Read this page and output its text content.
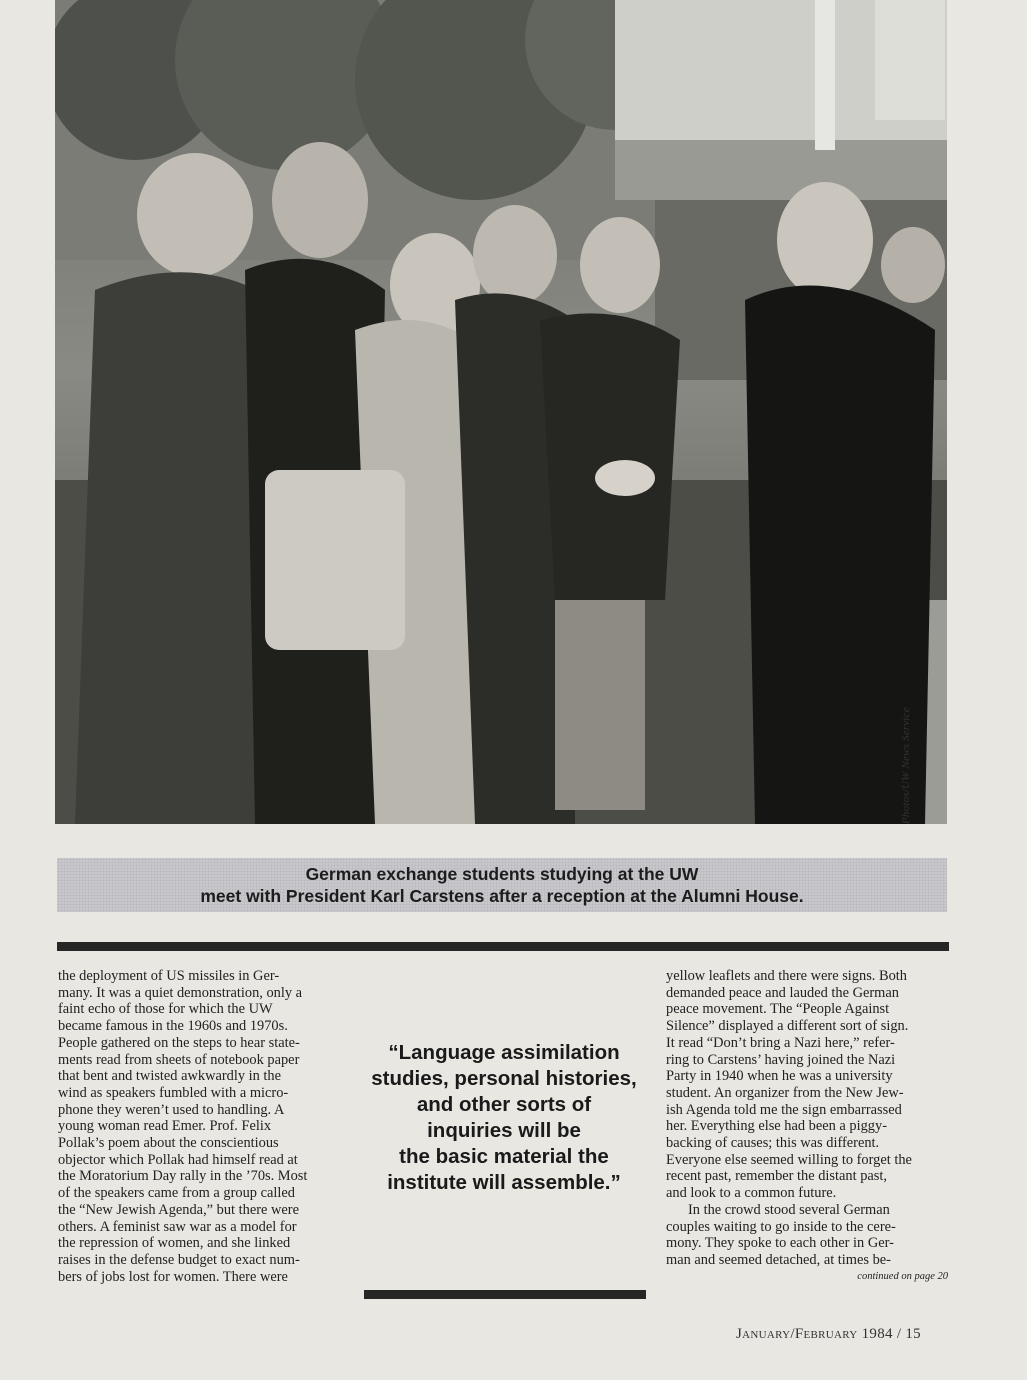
Photos/UW News Service
German exchange students studying at the UW
meet with President Karl Carstens after a reception at the Alumni House.
the deployment of US missiles in Ger-
many. It was a quiet demonstration, only a
faint echo of those for which the UW
became famous in the 1960s and 1970s.
People gathered on the steps to hear state-
ments read from sheets of notebook paper
that bent and twisted awkwardly in the
wind as speakers fumbled with a micro-
phone they weren’t used to handling. A
young woman read Emer. Prof. Felix
Pollak’s poem about the conscientious
objector which Pollak had himself read at
the Moratorium Day rally in the ’70s. Most
of the speakers came from a group called
the “New Jewish Agenda,” but there were
others. A feminist saw war as a model for
the repression of women, and she linked
raises in the defense budget to exact num-
bers of jobs lost for women. There were
“Language assimilation
studies, personal histories,
and other sorts of
inquiries will be
the basic material the
institute will assemble.”
yellow leaflets and there were signs. Both
demanded peace and lauded the German
peace movement. The “People Against
Silence” displayed a different sort of sign.
It read “Don’t bring a Nazi here,” refer-
ring to Carstens’ having joined the Nazi
Party in 1940 when he was a university
student. An organizer from the New Jew-
ish Agenda told me the sign embarrassed
her. Everything else had been a piggy-
backing of causes; this was different.
Everyone else seemed willing to forget the
recent past, remember the distant past,
and look to a common future.
In the crowd stood several German
couples waiting to go inside to the cere-
mony. They spoke to each other in Ger-
man and seemed detached, at times be-
continued on page 20
January/February 1984 / 15
